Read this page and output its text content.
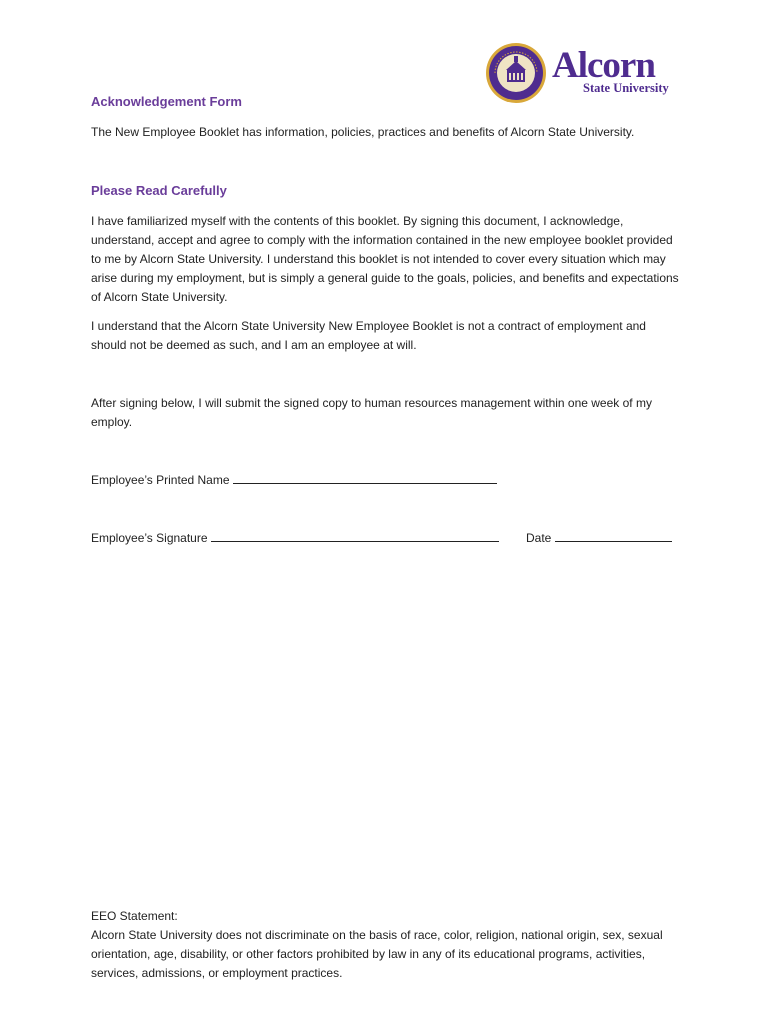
Alcorn
State University
Acknowledgement Form

The New Employee Booklet has information, policies, practices and benefits of Alcorn State University.

Please Read Carefully

I have familiarized myself with the contents of this booklet. By signing this document, I acknowledge, understand, accept and agree to comply with the information contained in the new employee booklet provided to me by Alcorn State University. I understand this booklet is not intended to cover every situation which may arise during my employment, but is simply a general guide to the goals, policies, and benefits and expectations of Alcorn State University.

I understand that the Alcorn State University New Employee Booklet is not a contract of employment and should not be deemed as such, and I am an employee at will.

After signing below, I will submit the signed copy to human resources management within one week of my employ.

Employee’s Printed Name
Employee’s Signature	Date
EEO Statement:

Alcorn State University does not discriminate on the basis of race, color, religion, national origin, sex, sexual orientation, age, disability, or other factors prohibited by law in any of its educational programs, activities, services, admissions, or employment practices.
